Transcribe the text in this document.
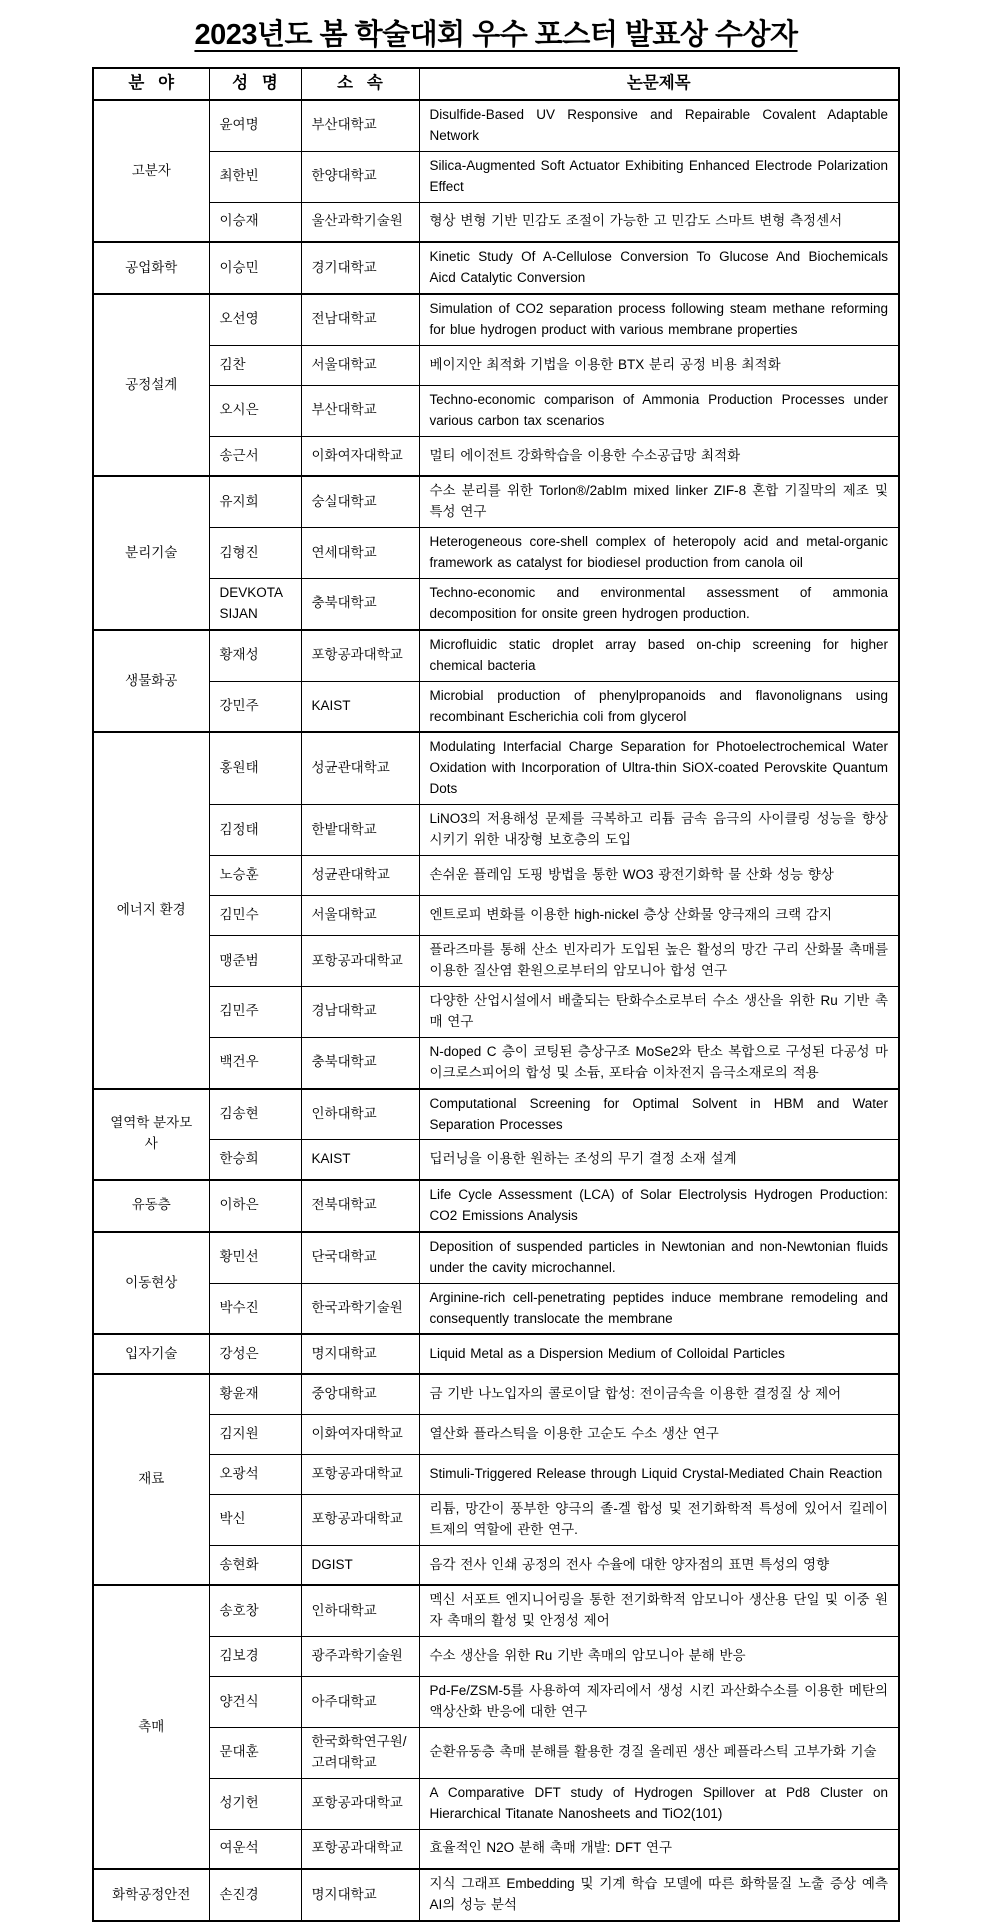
2023년도 봄 학술대회 우수 포스터 발표상 수상자
분   야	성   명	소   속	논문제목
고분자	윤여명	부산대학교	Disulfide-Based UV Responsive and Repairable Covalent Adaptable Network
	최한빈	한양대학교	Silica-Augmented Soft Actuator Exhibiting Enhanced Electrode Polarization Effect
	이승재	울산과학기술원	형상 변형 기반 민감도 조절이 가능한 고 민감도 스마트 변형 측정센서
공업화학	이승민	경기대학교	Kinetic Study Of A-Cellulose Conversion To Glucose And Biochemicals Aicd Catalytic Conversion
공정설계	오선영	전남대학교	Simulation of CO2 separation process following steam methane reforming for blue hydrogen product with various membrane properties
	김찬	서울대학교	베이지안 최적화 기법을 이용한 BTX 분리 공정 비용 최적화
	오시은	부산대학교	Techno-economic comparison of Ammonia Production Processes under various carbon tax scenarios
	송근서	이화여자대학교	멀티 에이전트 강화학습을 이용한 수소공급망 최적화
분리기술	유지희	숭실대학교	수소 분리를 위한 Torlon®/2abIm mixed linker ZIF-8 혼합 기질막의 제조 및 특성 연구
	김형진	연세대학교	Heterogeneous core-shell complex of heteropoly acid and metal-organic framework as catalyst for biodiesel production from canola oil
	DEVKOTA SIJAN	충북대학교	Techno-economic and environmental assessment of ammonia decomposition for onsite green hydrogen production.
생물화공	황재성	포항공과대학교	Microfluidic static droplet array based on-chip screening for higher chemical bacteria
	강민주	KAIST	Microbial production of phenylpropanoids and flavonolignans using recombinant Escherichia coli from glycerol
에너지 환경	홍원태	성균관대학교	Modulating Interfacial Charge Separation for Photoelectrochemical Water Oxidation with Incorporation of Ultra-thin SiOX-coated Perovskite Quantum Dots
	김정태	한밭대학교	LiNO3의 저용해성 문제를 극복하고 리튬 금속 음극의 사이클링 성능을 향상시키기 위한 내장형 보호층의 도입
	노승훈	성균관대학교	손쉬운 플레임 도핑 방법을 통한 WO3 광전기화학 물 산화 성능 향상
	김민수	서울대학교	엔트로피 변화를 이용한 high-nickel 층상 산화물 양극재의 크랙 감지
	맹준범	포항공과대학교	플라즈마를 통해 산소 빈자리가 도입된 높은 활성의 망간 구리 산화물 촉매를 이용한 질산염 환원으로부터의 암모니아 합성 연구
	김민주	경남대학교	다양한 산업시설에서 배출되는 탄화수소로부터 수소 생산을 위한 Ru 기반 촉매 연구
	백건우	충북대학교	N-doped C 층이 코팅된 층상구조 MoSe2와 탄소 복합으로 구성된 다공성 마이크로스피어의 합성 및 소듐, 포타슘 이차전지 음극소재로의 적용
열역학 분자모사	김송현	인하대학교	Computational Screening for Optimal Solvent in HBM and Water Separation Processes
	한승희	KAIST	딥러닝을 이용한 원하는 조성의 무기 결정 소재 설계
유동층	이하은	전북대학교	Life Cycle Assessment (LCA) of Solar Electrolysis Hydrogen Production: CO2 Emissions Analysis
이동현상	황민선	단국대학교	Deposition of suspended particles in Newtonian and non-Newtonian fluids under the cavity microchannel.
	박수진	한국과학기술원	Arginine-rich cell-penetrating peptides induce membrane remodeling and consequently translocate the membrane
입자기술	강성은	명지대학교	Liquid Metal as a Dispersion Medium of Colloidal Particles
재료	황윤재	중앙대학교	금 기반 나노입자의 콜로이달 합성: 전이금속을 이용한 결정질 상 제어
	김지원	이화여자대학교	열산화 플라스틱을 이용한 고순도 수소 생산 연구
	오광석	포항공과대학교	Stimuli-Triggered Release through Liquid Crystal-Mediated Chain Reaction
	박신	포항공과대학교	리튬, 망간이 풍부한 양극의 졸-겔 합성 및 전기화학적 특성에 있어서 킬레이트제의 역할에 관한 연구.
	송현화	DGIST	음각 전사 인쇄 공정의 전사 수율에 대한 양자점의 표면 특성의 영향
촉매	송호창	인하대학교	멕신 서포트 엔지니어링을 통한 전기화학적 암모니아 생산용 단일 및 이중 원자 촉매의 활성 및 안정성 제어
	김보경	광주과학기술원	수소 생산을 위한 Ru 기반 촉매의 암모니아 분해 반응
	양건식	아주대학교	Pd-Fe/ZSM-5를 사용하여 제자리에서 생성 시킨 과산화수소를 이용한 메탄의 액상산화 반응에 대한 연구
	문대훈	한국화학연구원/고려대학교	순환유동층 촉매 분해를 활용한 경질 올레핀 생산 페플라스틱 고부가화 기술
	성기헌	포항공과대학교	A Comparative DFT study of Hydrogen Spillover at Pd8 Cluster on Hierarchical Titanate Nanosheets and TiO2(101)
	여운석	포항공과대학교	효율적인 N2O 분해 촉매 개발: DFT 연구
화학공정안전	손진경	명지대학교	지식 그래프 Embedding 및 기계 학습 모델에 따른 화학물질 노출 증상 예측 AI의 성능 분석
